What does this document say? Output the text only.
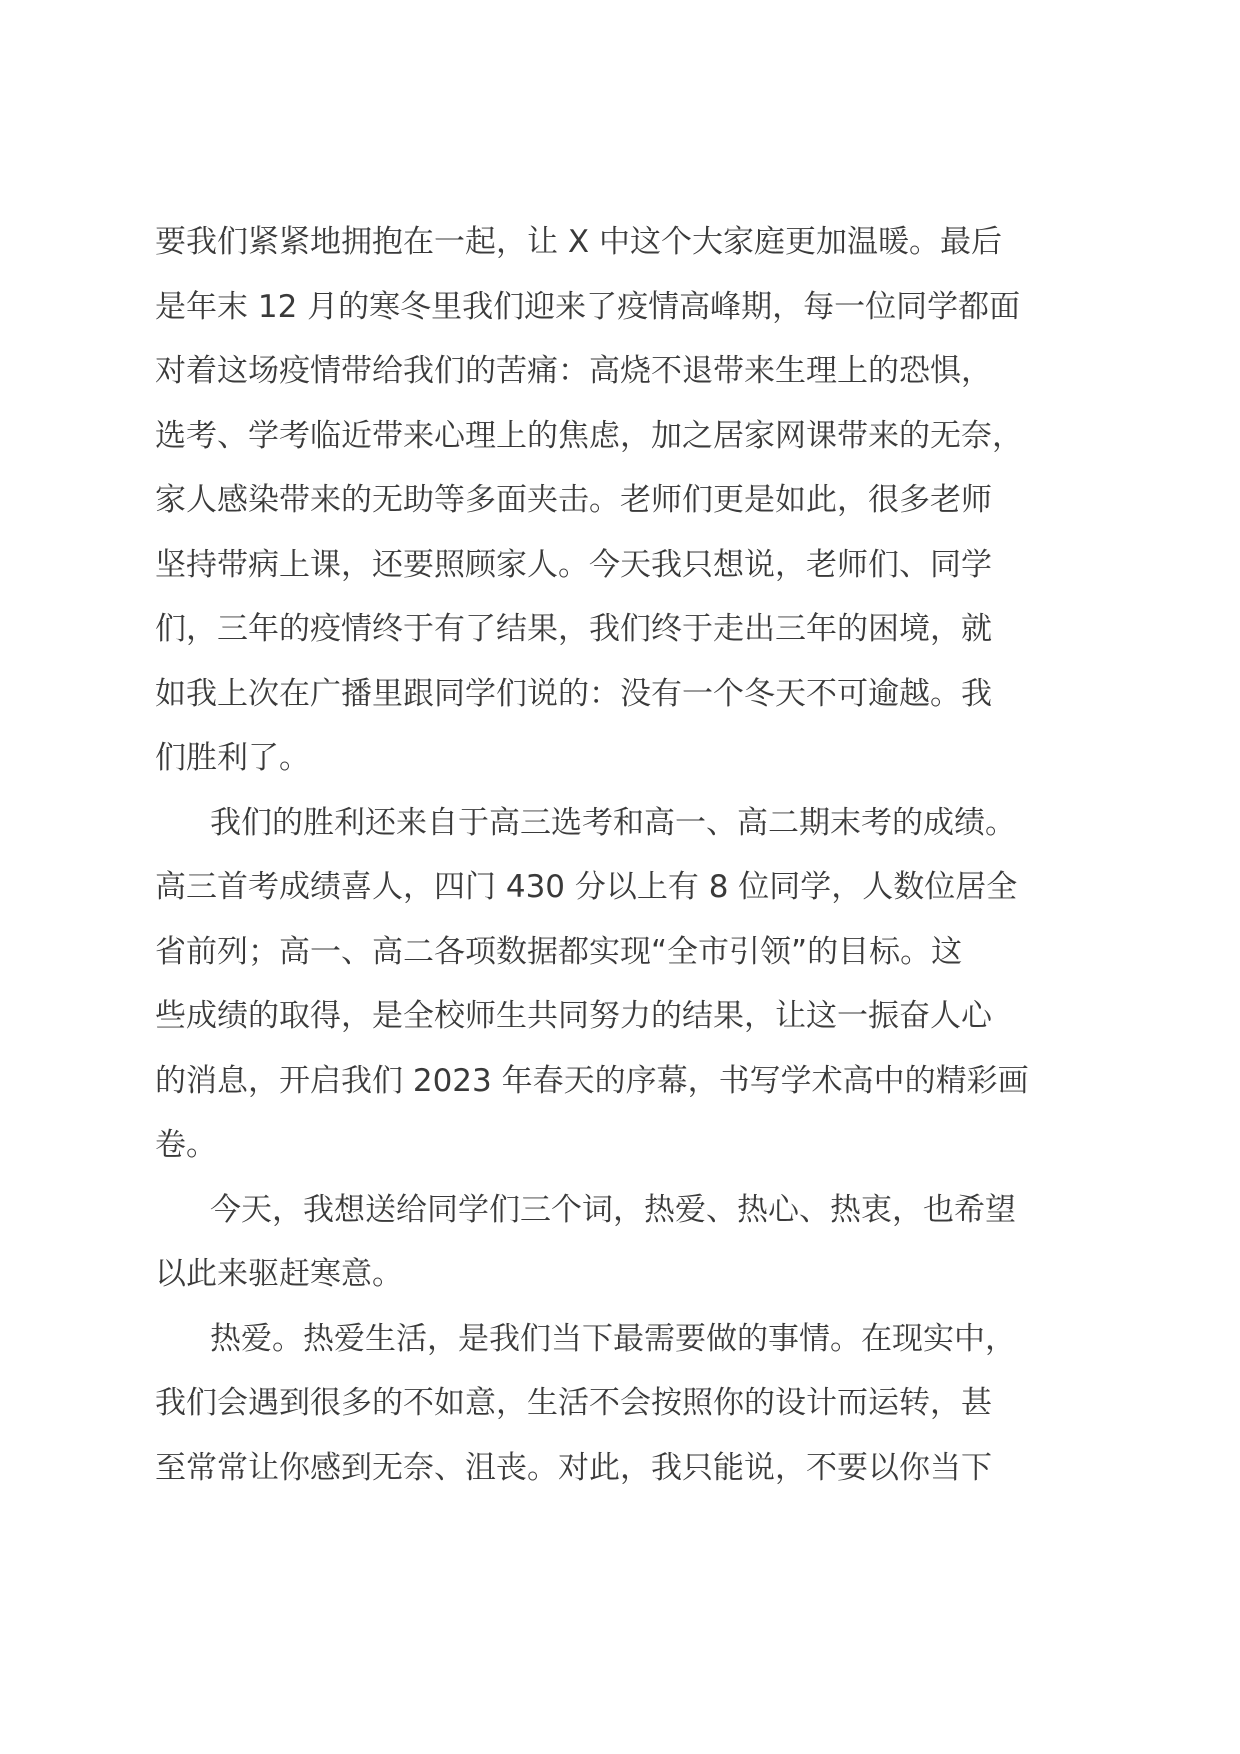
要我们紧紧地拥抱在一起，让 X 中这个大家庭更加温暖。最后
是年末 12 月的寒冬里我们迎来了疫情高峰期，每一位同学都面
对着这场疫情带给我们的苦痛：高烧不退带来生理上的恐惧，
选考、学考临近带来心理上的焦虑，加之居家网课带来的无奈，
家人感染带来的无助等多面夹击。老师们更是如此，很多老师
坚持带病上课，还要照顾家人。今天我只想说，老师们、同学
们，三年的疫情终于有了结果，我们终于走出三年的困境，就
如我上次在广播里跟同学们说的：没有一个冬天不可逾越。我
们胜利了。
我们的胜利还来自于高三选考和高一、高二期末考的成绩。
高三首考成绩喜人，四门 430 分以上有 8 位同学，人数位居全
省前列；高一、高二各项数据都实现“全市引领”的目标。这
些成绩的取得，是全校师生共同努力的结果，让这一振奋人心
的消息，开启我们 2023 年春天的序幕，书写学术高中的精彩画
卷。
今天，我想送给同学们三个词，热爱、热心、热衷，也希望
以此来驱赶寒意。
热爱。热爱生活，是我们当下最需要做的事情。在现实中，
我们会遇到很多的不如意，生活不会按照你的设计而运转，甚
至常常让你感到无奈、沮丧。对此，我只能说，不要以你当下
